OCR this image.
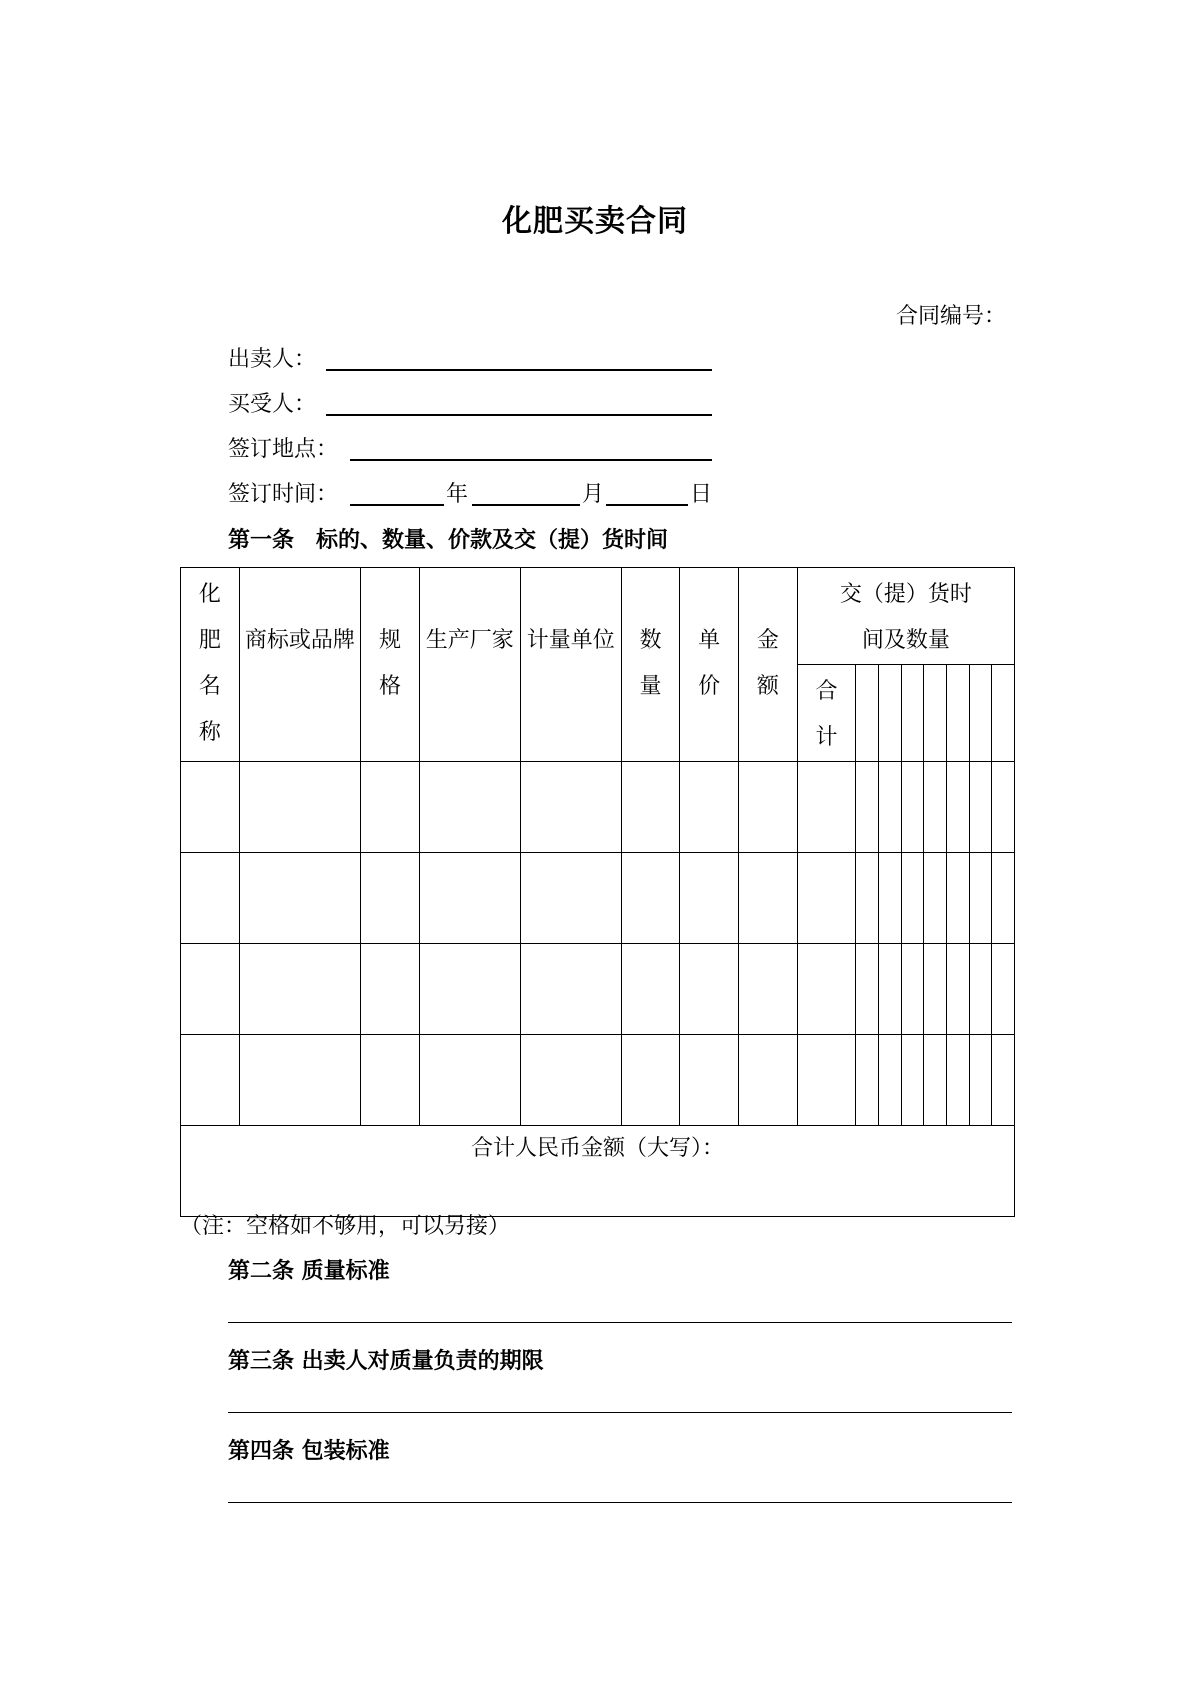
化肥买卖合同
合同编号：
出卖人：
买受人：
签订地点：
签订时间：	年	月	日
第一条　标的、数量、价款及交（提）货时间
化肥名称	商标或品牌	规格	生产厂家	计量单位	数量	单价	金额	交（提）货时间及数量							

								合计							

合计人民币金额（大写）：															
（注：空格如不够用，可以另接）
第二条 质量标准
第三条 出卖人对质量负责的期限
第四条 包装标准
